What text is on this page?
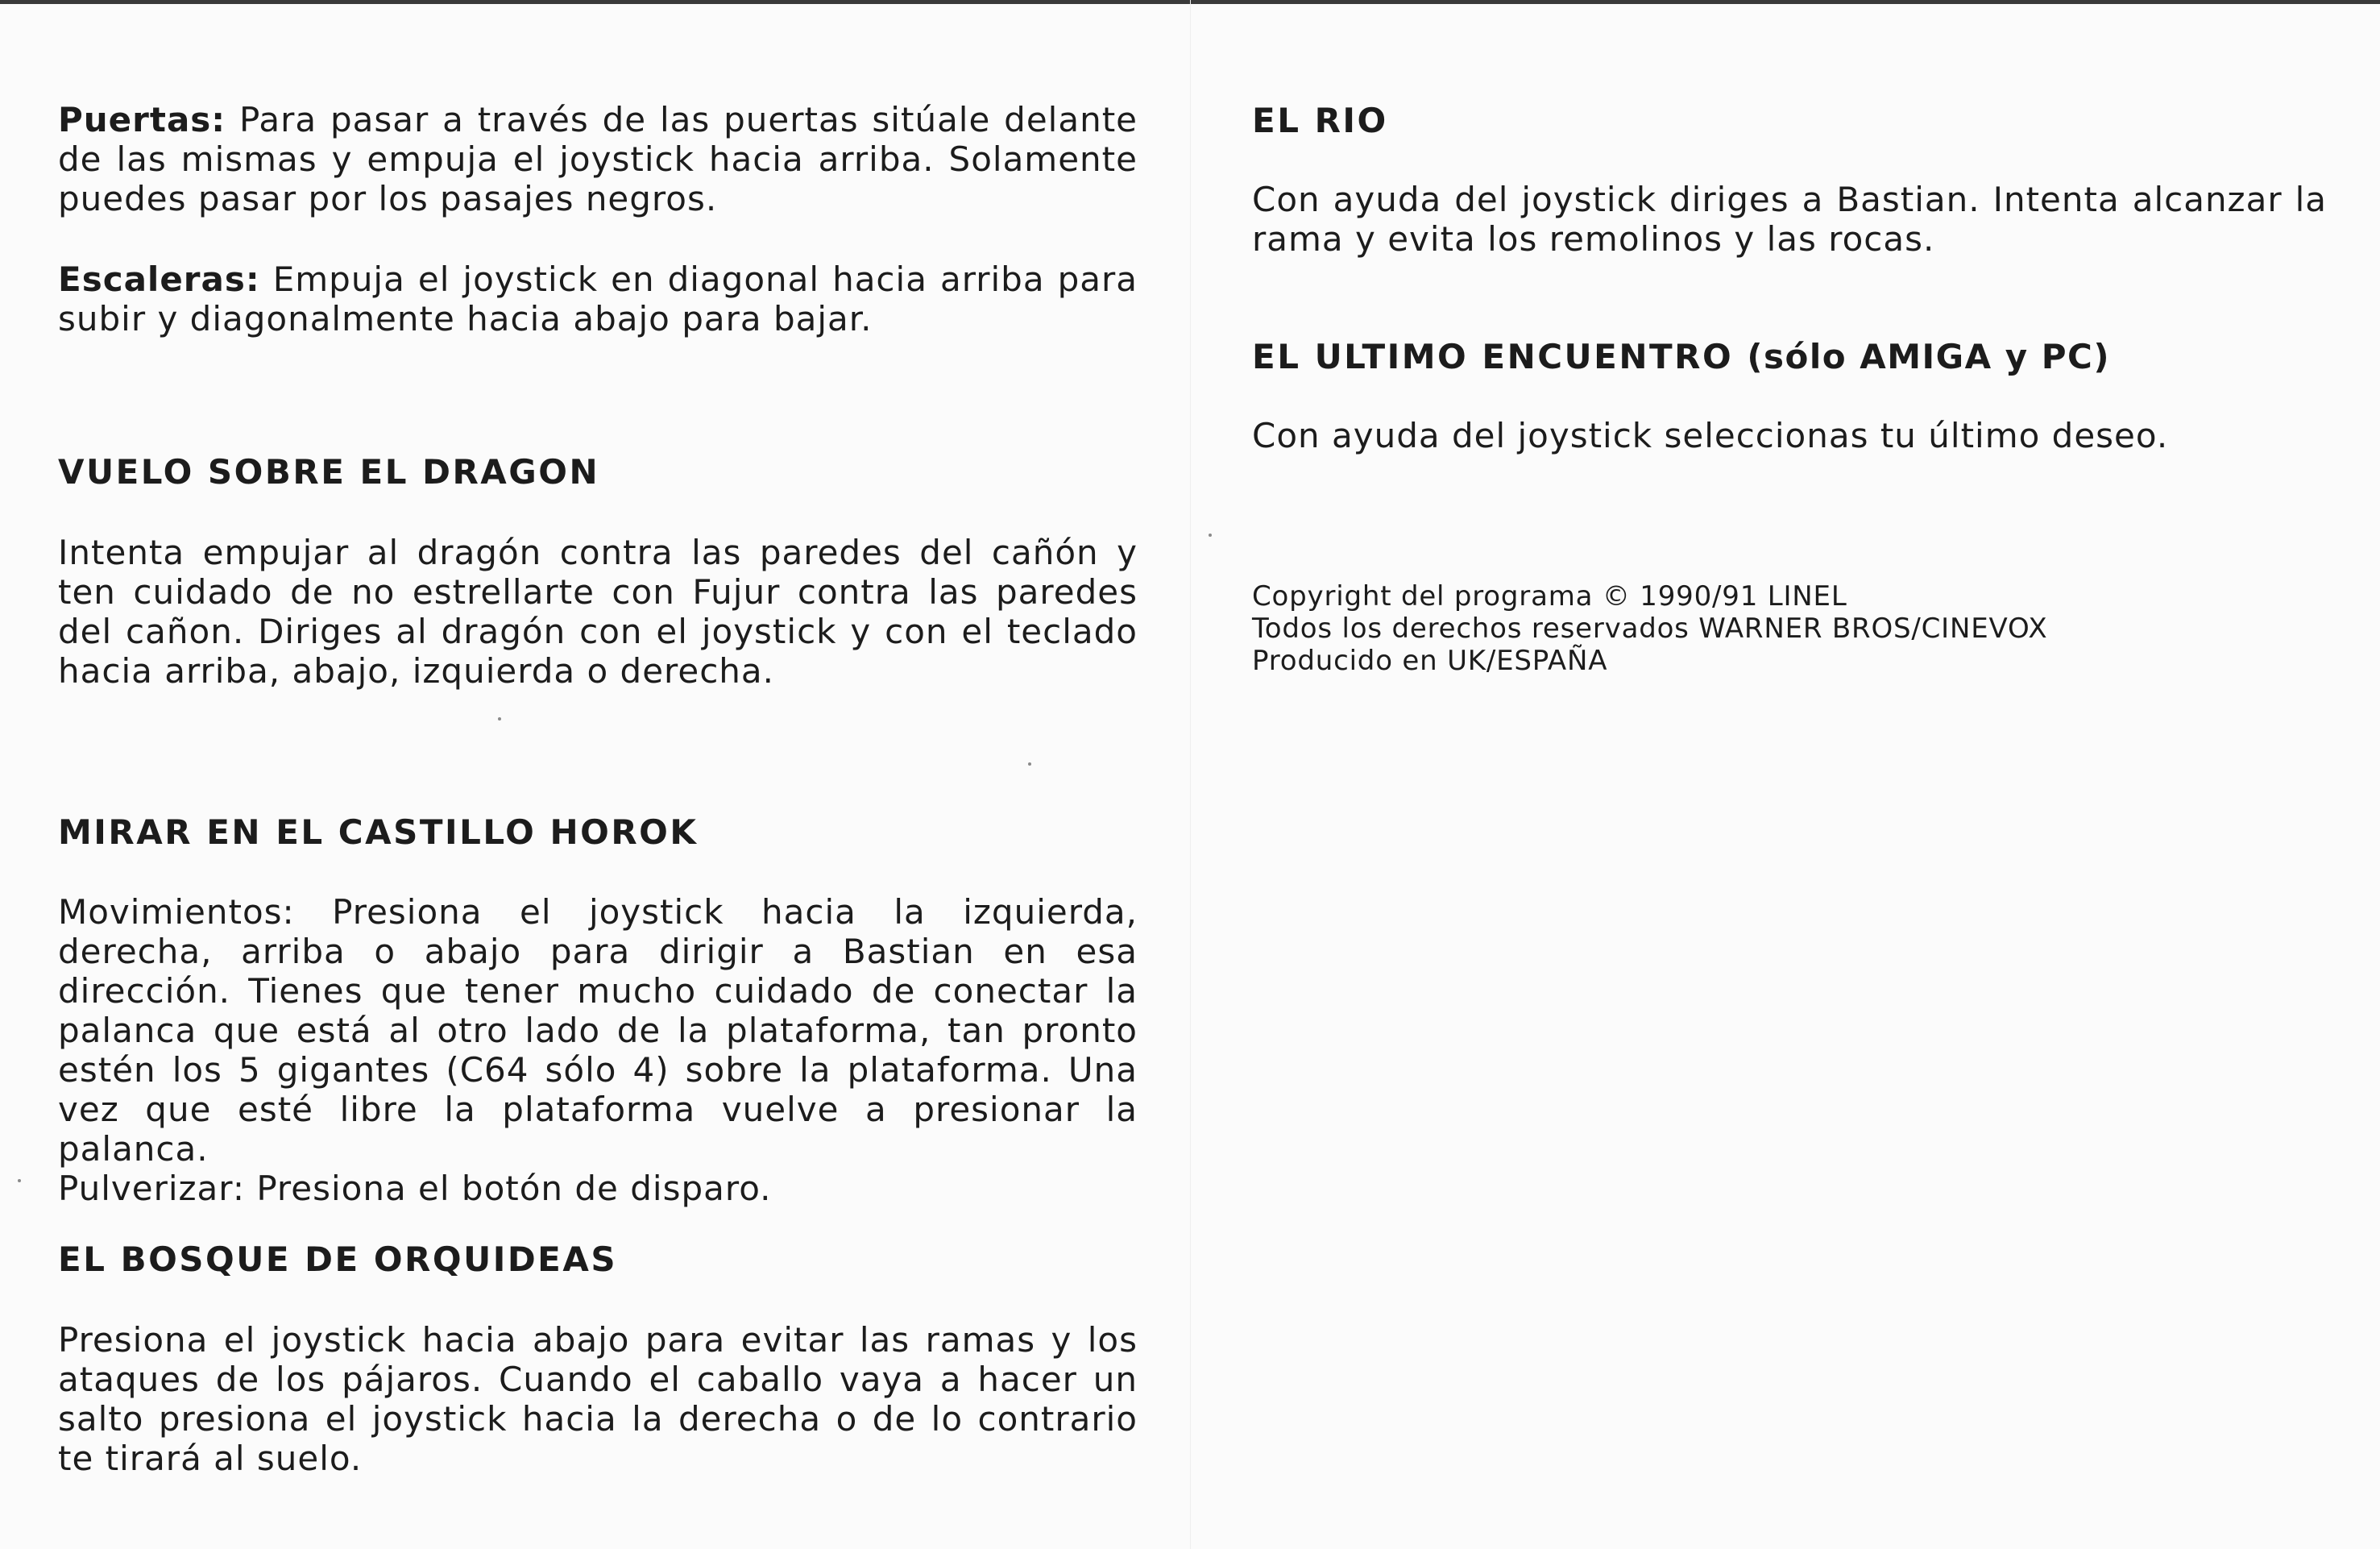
Puertas: Para pasar a través de las puertas sitúale delante de las mismas y empuja el joystick hacia arriba. Solamente puedes pasar por los pasajes negros.

Escaleras: Empuja el joystick en diagonal hacia arriba para subir y diagonalmente hacia abajo para bajar.

VUELO SOBRE EL DRAGON

Intenta empujar al dragón contra las paredes del cañón y ten cuidado de no estrellarte con Fujur contra las paredes del cañon. Diriges al dragón con el joystick y con el teclado hacia arriba, abajo, izquierda o derecha.

MIRAR EN EL CASTILLO HOROK

Movimientos: Presiona el joystick hacia la izquierda, derecha, arriba o abajo para dirigir a Bastian en esa dirección. Tienes que tener mucho cuidado de conectar la palanca que está al otro lado de la plataforma, tan pronto estén los 5 gigantes (C64 sólo 4) sobre la plataforma. Una vez que esté libre la plataforma vuelve a presionar la palanca.

Pulverizar: Presiona el botón de disparo.

EL BOSQUE DE ORQUIDEAS

Presiona el joystick hacia abajo para evitar las ramas y los ataques de los pájaros. Cuando el caballo vaya a hacer un salto presiona el joystick hacia la derecha o de lo contrario te tirará al suelo.

EL RIO

Con ayuda del joystick diriges a Bastian. Intenta alcanzar la rama y evita los remolinos y las rocas.

EL ULTIMO ENCUENTRO (sólo AMIGA y PC)

Con ayuda del joystick seleccionas tu último deseo.

Copyright del programa © 1990/91 LINEL

Todos los derechos reservados WARNER BROS/CINEVOX

Producido en UK/ESPAÑA
